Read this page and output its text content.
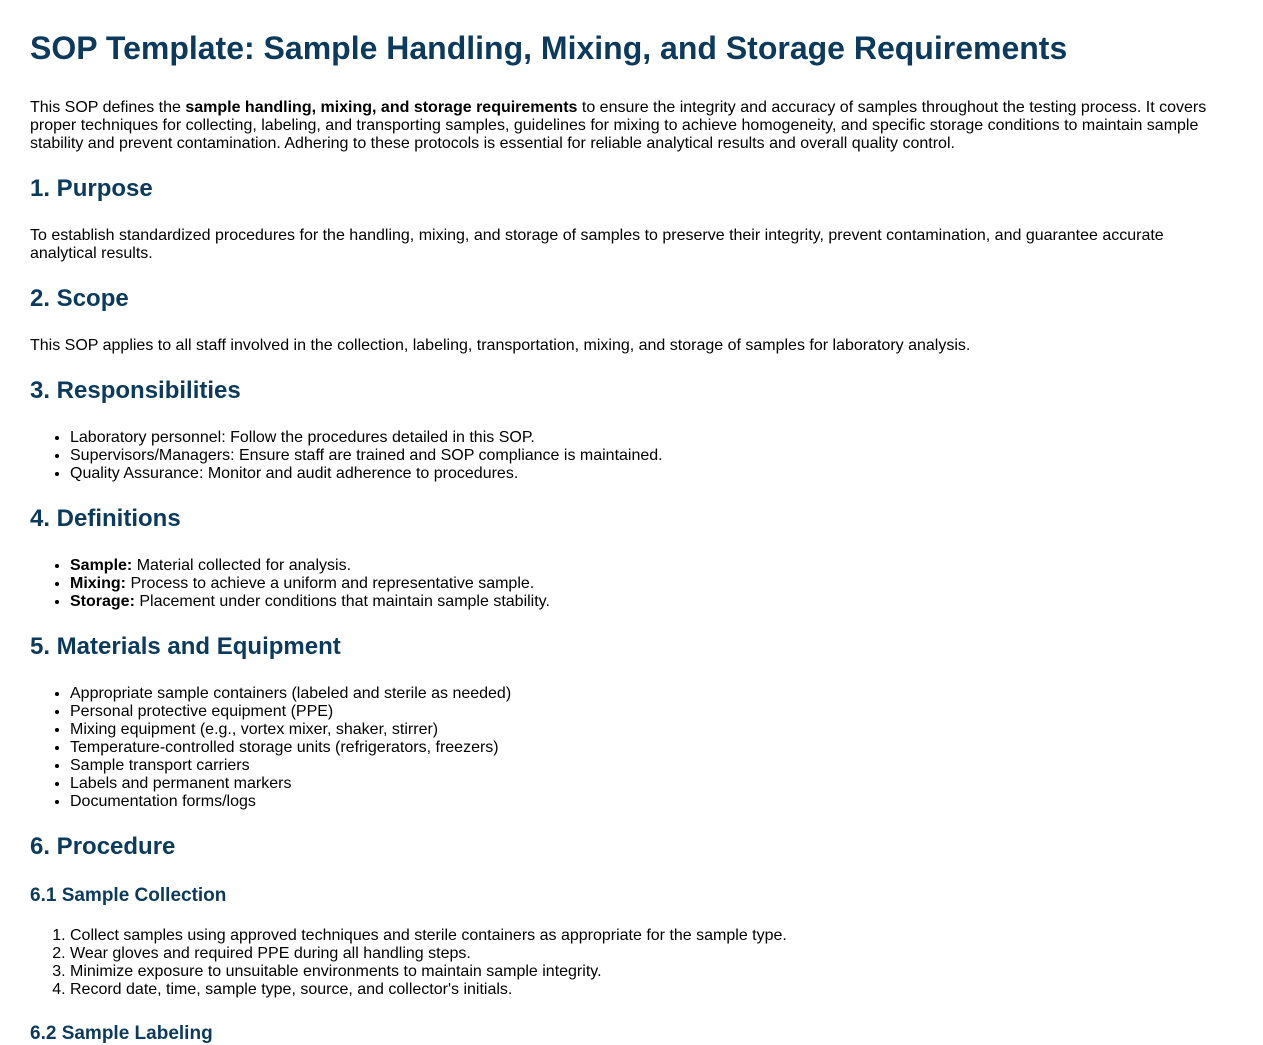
SOP Template: Sample Handling, Mixing, and Storage Requirements

This SOP defines the sample handling, mixing, and storage requirements to ensure the integrity and accuracy of samples throughout the testing process. It covers proper techniques for collecting, labeling, and transporting samples, guidelines for mixing to achieve homogeneity, and specific storage conditions to maintain sample stability and prevent contamination. Adhering to these protocols is essential for reliable analytical results and overall quality control.

1. Purpose

To establish standardized procedures for the handling, mixing, and storage of samples to preserve their integrity, prevent contamination, and guarantee accurate analytical results.

2. Scope

This SOP applies to all staff involved in the collection, labeling, transportation, mixing, and storage of samples for laboratory analysis.

3. Responsibilities
• Laboratory personnel: Follow the procedures detailed in this SOP.
• Supervisors/Managers: Ensure staff are trained and SOP compliance is maintained.
• Quality Assurance: Monitor and audit adherence to procedures.
4. Definitions
• Sample: Material collected for analysis.
• Mixing: Process to achieve a uniform and representative sample.
• Storage: Placement under conditions that maintain sample stability.
5. Materials and Equipment
• Appropriate sample containers (labeled and sterile as needed)
• Personal protective equipment (PPE)
• Mixing equipment (e.g., vortex mixer, shaker, stirrer)
• Temperature-controlled storage units (refrigerators, freezers)
• Sample transport carriers
• Labels and permanent markers
• Documentation forms/logs
6. Procedure
6.1 Sample Collection
1. Collect samples using approved techniques and sterile containers as appropriate for the sample type.
2. Wear gloves and required PPE during all handling steps.
3. Minimize exposure to unsuitable environments to maintain sample integrity.
4. Record date, time, sample type, source, and collector's initials.
6.2 Sample Labeling
